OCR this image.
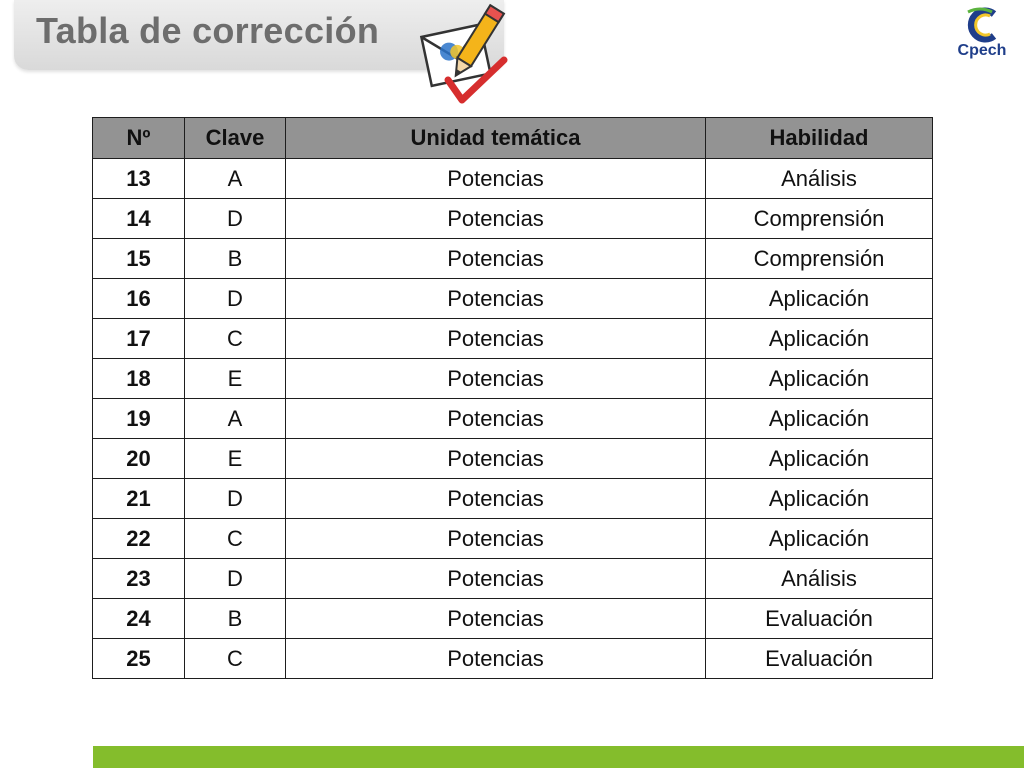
Tabla de corrección	Cpech
Nº	Clave	Unidad temática	Habilidad
13	A	Potencias	Análisis
14	D	Potencias	Comprensión
15	B	Potencias	Comprensión
16	D	Potencias	Aplicación
17	C	Potencias	Aplicación
18	E	Potencias	Aplicación
19	A	Potencias	Aplicación
20	E	Potencias	Aplicación
21	D	Potencias	Aplicación
22	C	Potencias	Aplicación
23	D	Potencias	Análisis
24	B	Potencias	Evaluación
25	C	Potencias	Evaluación
